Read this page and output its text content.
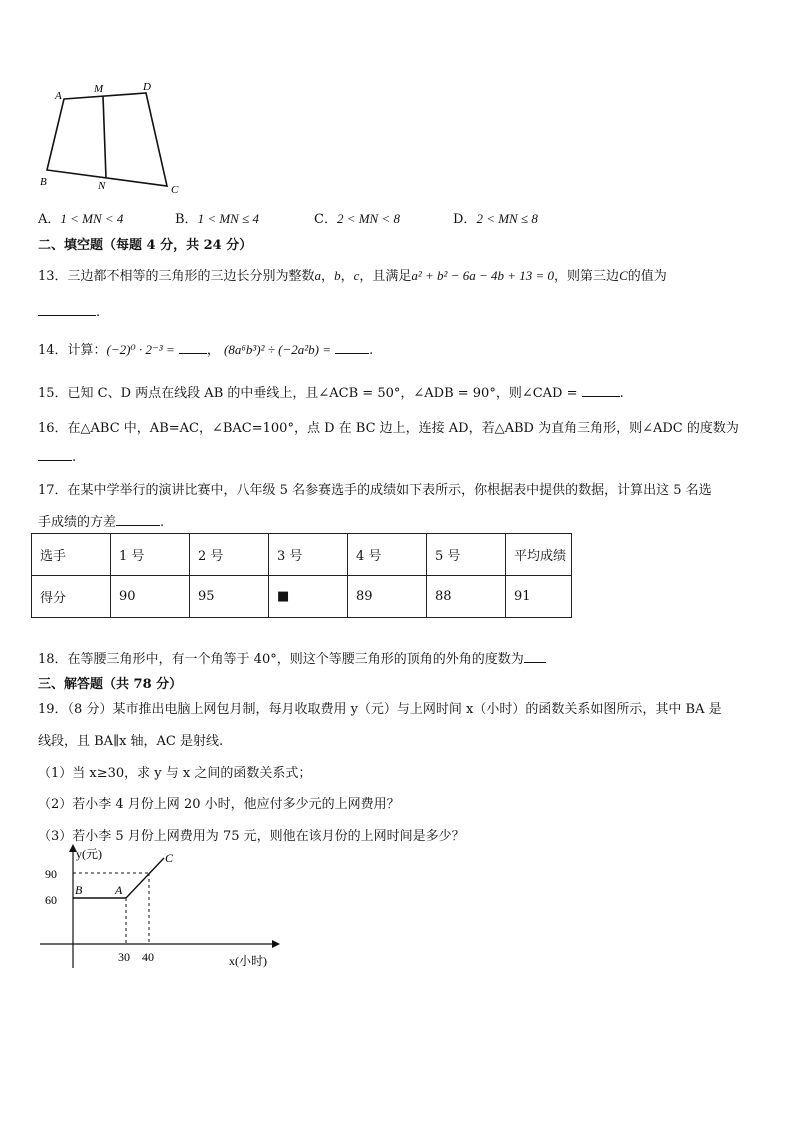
A
M	D
B	N	C
A．1 < MN < 4	B．1 < MN ≤ 4	C．2 < MN < 8	D．2 < MN ≤ 8
二、填空题（每题 4 分，共 24 分）
13．三边都不相等的三角形的三边长分别为整数a，b，c，且满足a² + b² − 6a − 4b + 13 = 0，则第三边C的值为
.
14．计算：(−2)⁰ · 2⁻³ = ， (8a⁶b³)² ÷ (−2a²b) =	.
15．已知 C、D 两点在线段 AB 的中垂线上，且∠ACB = 50°，∠ADB = 90°，则∠CAD =	.
16．在△ABC 中，AB=AC，∠BAC=100°，点 D 在 BC 边上，连接 AD，若△ABD 为直角三角形，则∠ADC 的度数为
.
17．在某中学举行的演讲比赛中，八年级 5 名参赛选手的成绩如下表所示，你根据表中提供的数据，计算出这 5 名选
手成绩的方差	.
选手	1 号	2 号	3 号	4 号	5 号	平均成绩
得分	90	95	■	89	88	91
18．在等腰三角形中，有一个角等于 40°，则这个等腰三角形的顶角的外角的度数为
三、解答题（共 78 分）
19．（8 分）某市推出电脑上网包月制，每月收取费用 y（元）与上网时间 x（小时）的函数关系如图所示，其中 BA 是
线段，且 BA∥x 轴，AC 是射线.
（1）当 x≥30，求 y 与 x 之间的函数关系式；
（2）若小李 4 月份上网 20 小时，他应付多少元的上网费用？
（3）若小李 5 月份上网费用为 75 元，则他在该月份的上网时间是多少？
y(元)
x(小时)
90
60
30 40
B	A
C
